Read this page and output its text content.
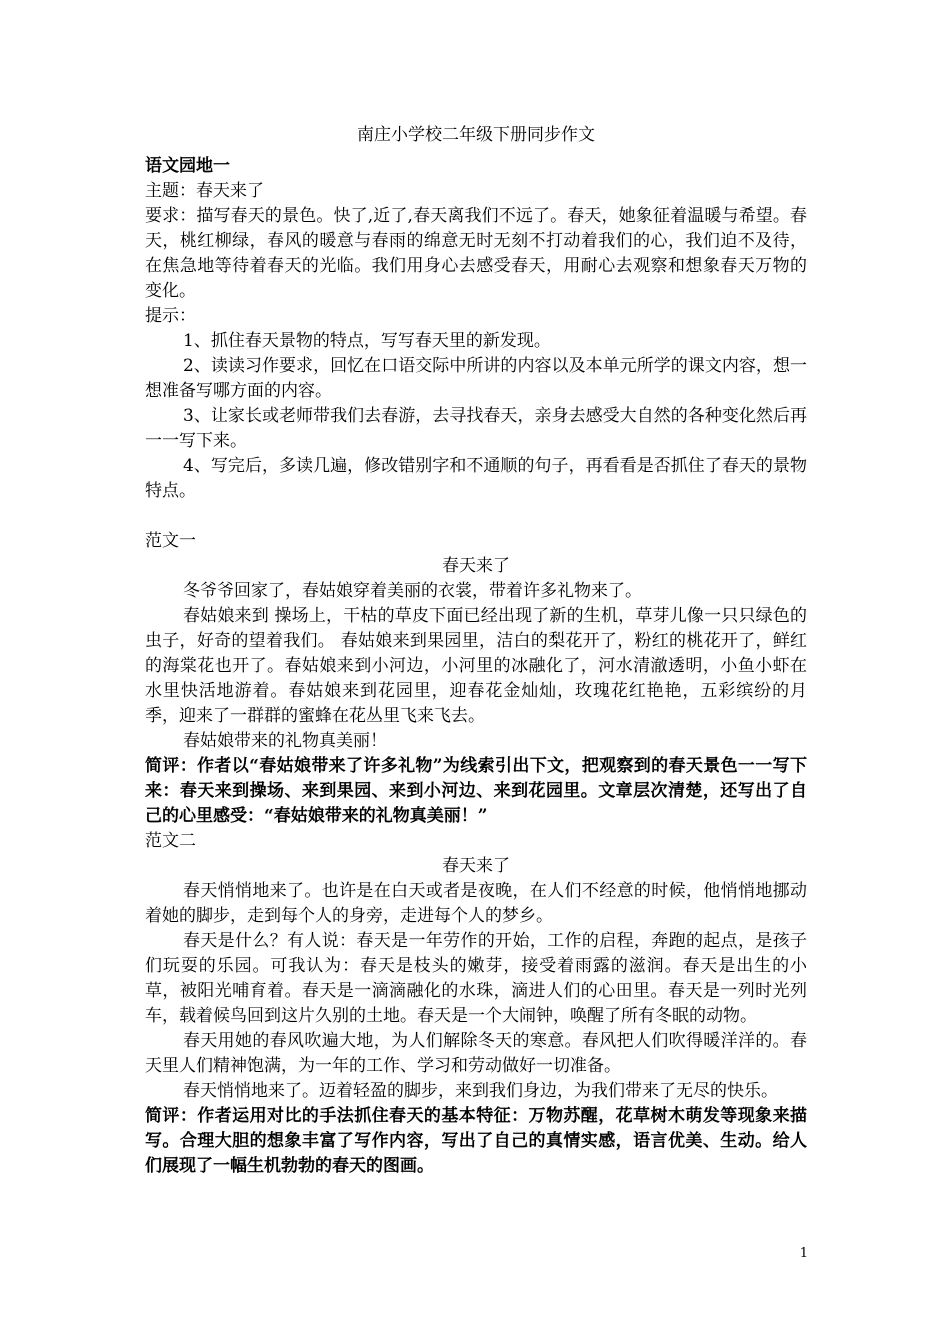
南庄小学校二年级下册同步作文

语文园地一

主题：春天来了

要求：描写春天的景色。快了,近了,春天离我们不远了。春天，她象征着温暖与希望。春天，桃红柳绿，春风的暖意与春雨的绵意无时无刻不打动着我们的心，我们迫不及待，在焦急地等待着春天的光临。我们用身心去感受春天，用耐心去观察和想象春天万物的变化。

提示：

1、抓住春天景物的特点，写写春天里的新发现。

2、读读习作要求，回忆在口语交际中所讲的内容以及本单元所学的课文内容，想一想准备写哪方面的内容。

3、让家长或老师带我们去春游，去寻找春天，亲身去感受大自然的各种变化然后再一一写下来。

4、写完后，多读几遍，修改错别字和不通顺的句子，再看看是否抓住了春天的景物特点。

范文一

春天来了

冬爷爷回家了，春姑娘穿着美丽的衣裳，带着许多礼物来了。

春姑娘来到 操场上，干枯的草皮下面已经出现了新的生机，草芽儿像一只只绿色的虫子，好奇的望着我们。 春姑娘来到果园里，洁白的梨花开了，粉红的桃花开了，鲜红的海棠花也开了。春姑娘来到小河边，小河里的冰融化了，河水清澈透明，小鱼小虾在水里快活地游着。春姑娘来到花园里，迎春花金灿灿，玫瑰花红艳艳，五彩缤纷的月季，迎来了一群群的蜜蜂在花丛里飞来飞去。

春姑娘带来的礼物真美丽！

简评：作者以“春姑娘带来了许多礼物”为线索引出下文，把观察到的春天景色一一写下来：春天来到操场、来到果园、来到小河边、来到花园里。文章层次清楚，还写出了自己的心里感受：“春姑娘带来的礼物真美丽！”

范文二

春天来了

春天悄悄地来了。也许是在白天或者是夜晚，在人们不经意的时候，他悄悄地挪动着她的脚步，走到每个人的身旁，走进每个人的梦乡。

春天是什么？有人说：春天是一年劳作的开始，工作的启程，奔跑的起点，是孩子们玩耍的乐园。可我认为：春天是枝头的嫩芽，接受着雨露的滋润。春天是出生的小草，被阳光哺育着。春天是一滴滴融化的水珠，滴进人们的心田里。春天是一列时光列车，载着候鸟回到这片久别的土地。春天是一个大闹钟，唤醒了所有冬眠的动物。

春天用她的春风吹遍大地，为人们解除冬天的寒意。春风把人们吹得暖洋洋的。春天里人们精神饱满，为一年的工作、学习和劳动做好一切准备。

春天悄悄地来了。迈着轻盈的脚步，来到我们身边，为我们带来了无尽的快乐。

简评：作者运用对比的手法抓住春天的基本特征：万物苏醒，花草树木萌发等现象来描写。合理大胆的想象丰富了写作内容，写出了自己的真情实感，语言优美、生动。给人们展现了一幅生机勃勃的春天的图画。

1
